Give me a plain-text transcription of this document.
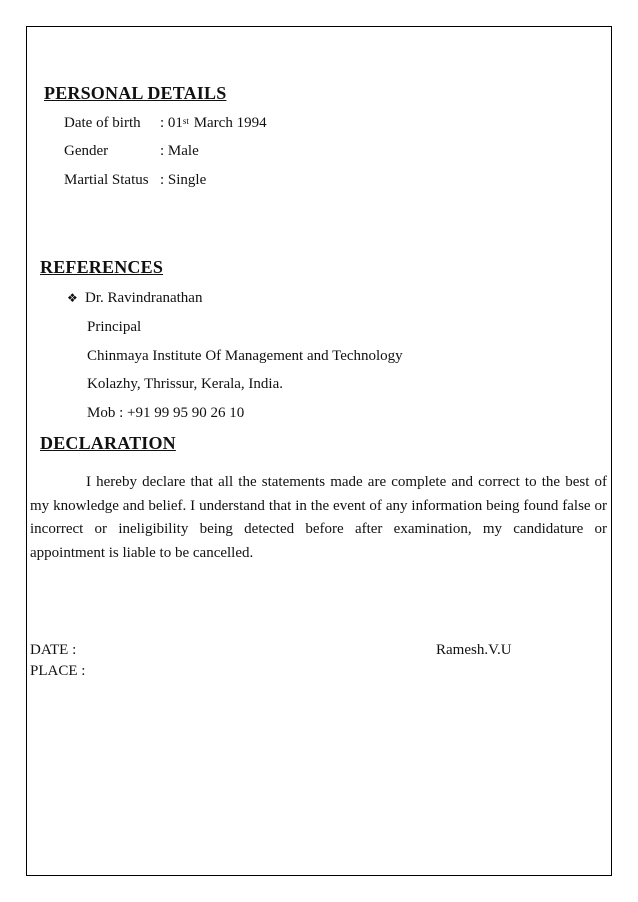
PERSONAL DETAILS
Date of birth : 01st March 1994
Gender	: Male
Martial Status : Single
REFERENCES
❖ Dr. Ravindranathan
Principal
Chinmaya Institute Of Management and Technology
Kolazhy, Thrissur, Kerala, India.
Mob : +91 99 95 90 26 10
DECLARATION

I hereby declare that all the statements made are complete and correct to the best of my knowledge and belief. I understand that in the event of any information being found false or incorrect or ineligibility being detected before after examination, my candidature or appointment is liable to be cancelled.

DATE :
PLACE :
Ramesh.V.U
